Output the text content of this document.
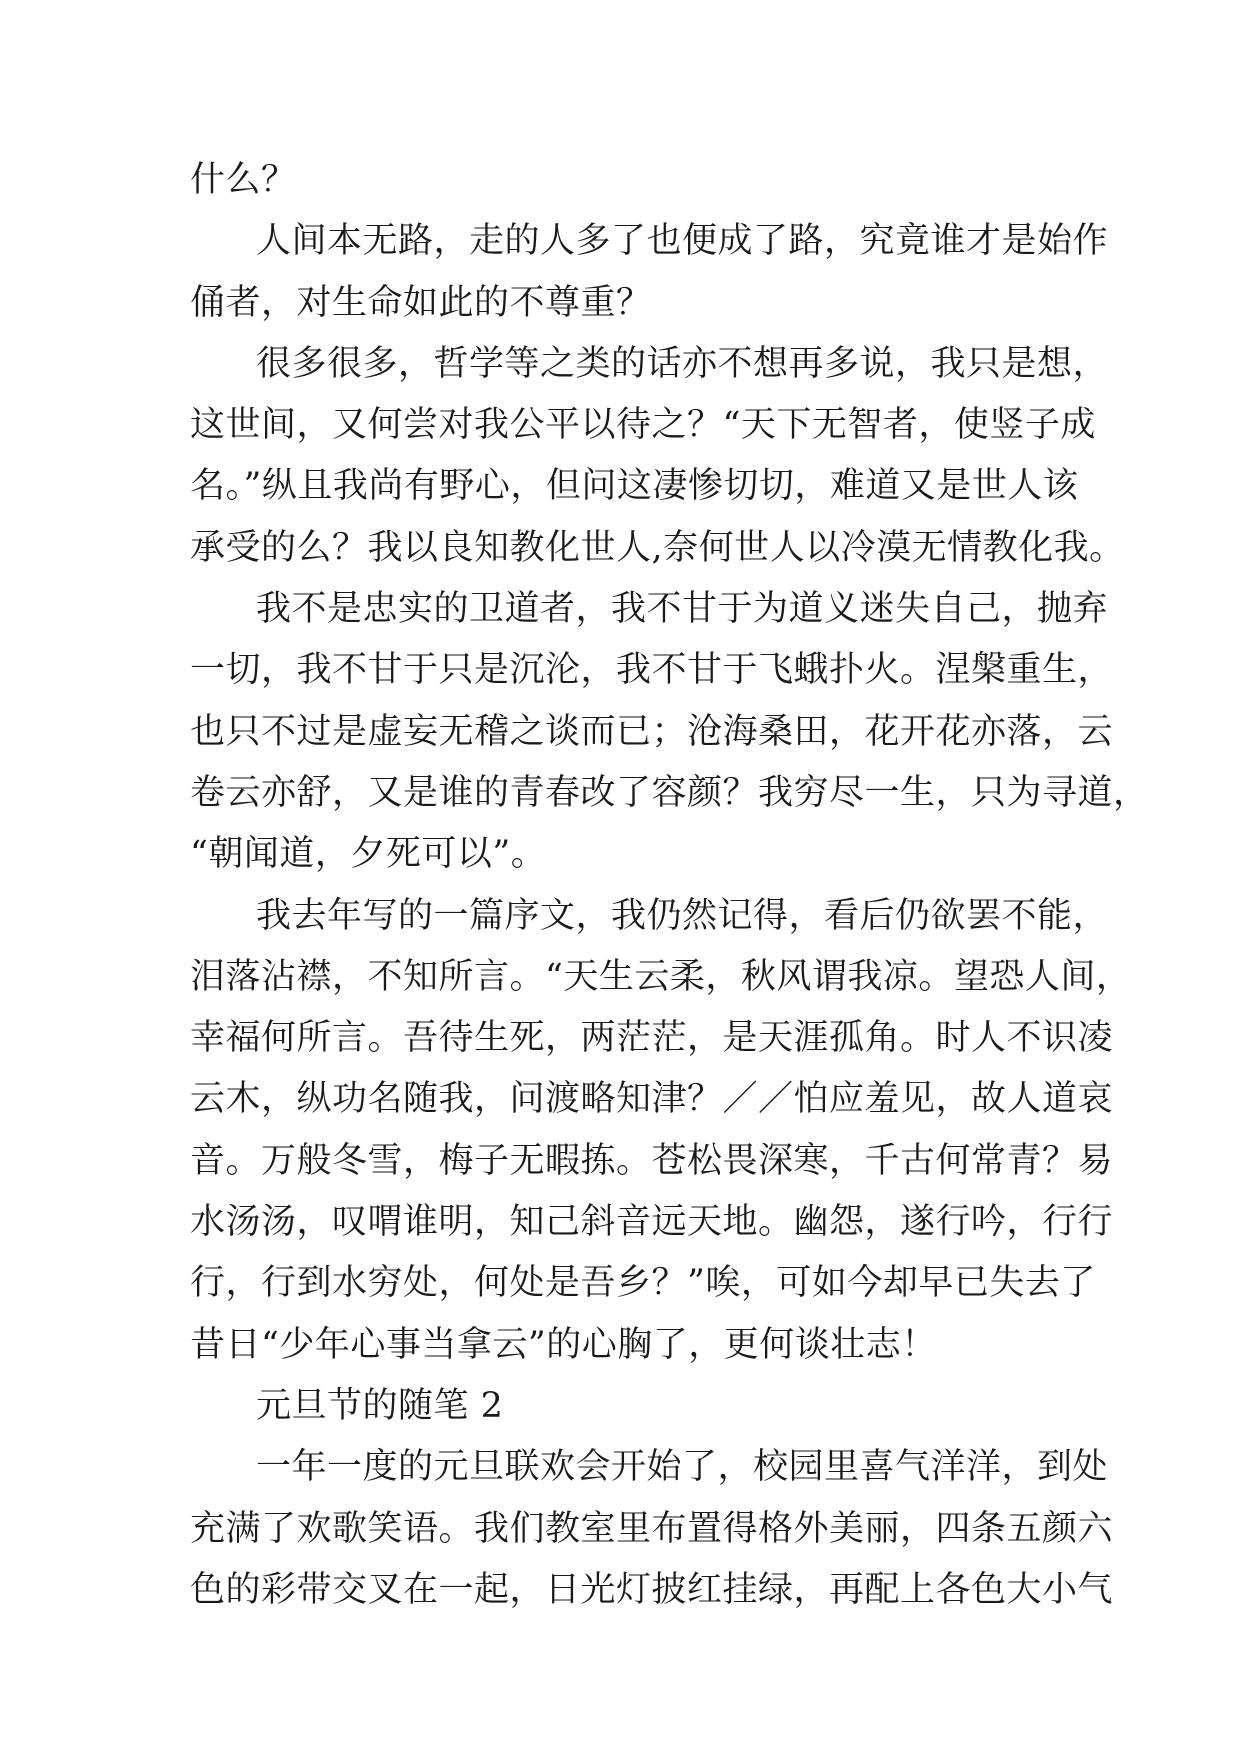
什么？
人间本无路，走的人多了也便成了路，究竟谁才是始作
俑者，对生命如此的不尊重？
很多很多，哲学等之类的话亦不想再多说，我只是想，
这世间，又何尝对我公平以待之？“天下无智者，使竖子成
名。”纵且我尚有野心，但问这凄惨切切，难道又是世人该
承受的么？我以良知教化世人,奈何世人以冷漠无情教化我。
我不是忠实的卫道者，我不甘于为道义迷失自己，抛弃
一切，我不甘于只是沉沦，我不甘于飞蛾扑火。涅槃重生，
也只不过是虚妄无稽之谈而已；沧海桑田，花开花亦落，云
卷云亦舒，又是谁的青春改了容颜？我穷尽一生，只为寻道，
“朝闻道，夕死可以”。
我去年写的一篇序文，我仍然记得，看后仍欲罢不能，
泪落沾襟，不知所言。“天生云柔，秋风谓我凉。望恐人间，
幸福何所言。吾待生死，两茫茫，是天涯孤角。时人不识凌
云木，纵功名随我，问渡略知津？／／怕应羞见，故人道哀
音。万般冬雪，梅子无暇拣。苍松畏深寒，千古何常青？易
水汤汤，叹喟谁明，知己斜音远天地。幽怨，遂行吟，行行
行，行到水穷处，何处是吾乡？”唉，可如今却早已失去了
昔日“少年心事当拿云”的心胸了，更何谈壮志！
元旦节的随笔 2
一年一度的元旦联欢会开始了，校园里喜气洋洋，到处
充满了欢歌笑语。我们教室里布置得格外美丽，四条五颜六
色的彩带交叉在一起，日光灯披红挂绿，再配上各色大小气
